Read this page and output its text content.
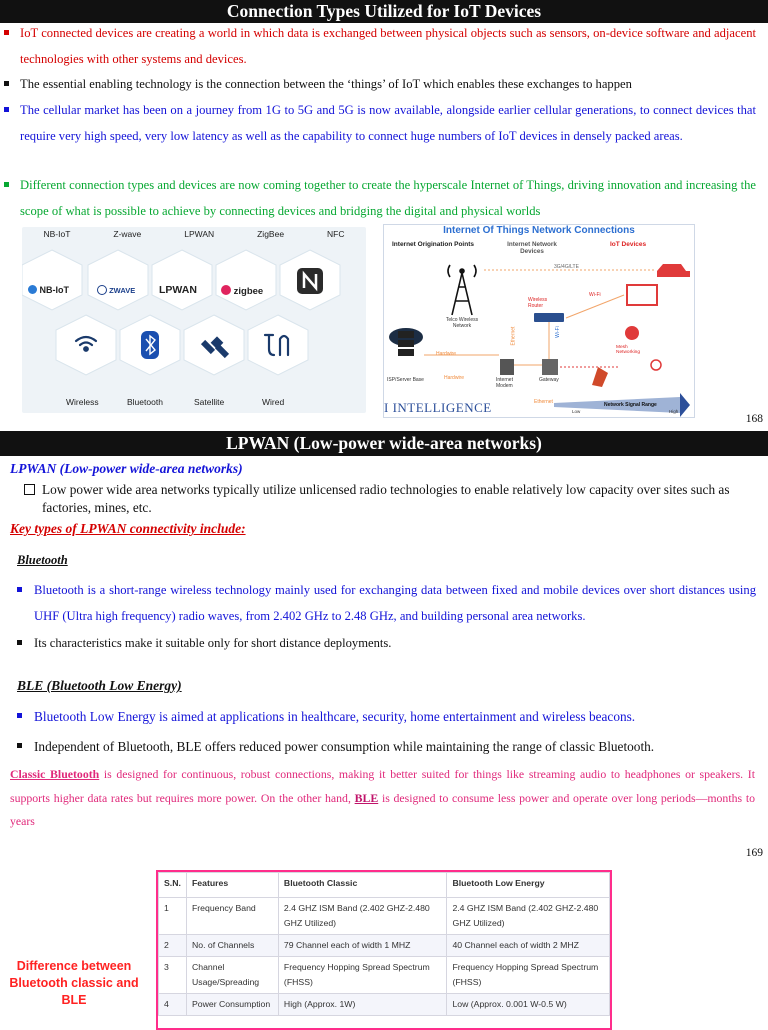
Connection Types Utilized for IoT Devices
IoT connected devices are creating a world in which data is exchanged between physical objects such as sensors, on-device software and adjacent technologies with other systems and devices.
The essential enabling technology is the connection between the ‘things’ of IoT which enables these exchanges to happen
The cellular market has been on a journey from 1G to 5G and 5G is now available, alongside earlier cellular generations, to connect devices that require very high speed, very low latency as well as the capability to connect huge numbers of IoT devices in densely packed areas.
Different connection types and devices are now coming together to create the hyperscale Internet of Things, driving innovation and increasing the scope of what is possible to achieve by connecting devices and bridging the digital and physical worlds
NB-IoT	Z-wave	LPWAN	ZigBee	NFC
NB-IoT	ZWAVE LPWAN	zigbee
Wireless	Bluetooth	Satellite	Wired
Internet Of Things Network Connections
Internet Origination Points	Internet Network Devices
IoT Devices
3G/4G/LTE
Telco Wireless Network
Wireless Router
Wi-Fi
Mesh Networking
Hardwire
Hardwire
Ethernet
ISP/Server Base	Internet Modem
Gateway
Wi-Fi
Ethernet	Network Signal Range
Low	High
I INTELLIGENCE
168
LPWAN (Low-power wide-area networks)
LPWAN (Low-power wide-area networks)
Low power wide area networks typically utilize unlicensed radio technologies to enable relatively low capacity over sites such as factories, mines, etc.
Key types of LPWAN connectivity include:
Bluetooth
Bluetooth is a short-range wireless technology mainly used for exchanging data between fixed and mobile devices over short distances using UHF (Ultra high frequency) radio waves, from 2.402 GHz to 2.48 GHz, and building personal area networks.
Its characteristics make it suitable only for short distance deployments.
BLE (Bluetooth Low Energy)
Bluetooth Low Energy is aimed at applications in healthcare, security, home entertainment and wireless beacons.
Independent of Bluetooth, BLE offers reduced power consumption while maintaining the range of classic Bluetooth.
Classic Bluetooth is designed for continuous, robust connections, making it better suited for things like streaming audio to headphones or speakers. It supports higher data rates but requires more power. On the other hand, BLE is designed to consume less power and operate over long periods—months to years
169
Difference between Bluetooth classic and BLE
S.N.	Features	Bluetooth Classic	Bluetooth Low Energy
1	Frequency Band	2.4 GHZ ISM Band (2.402 GHZ-2.480 GHZ Utilized)	2.4 GHZ ISM Band (2.402 GHZ-2.480 GHZ Utilized)
2	No. of Channels	79 Channel each of width 1 MHZ	40 Channel each of width 2 MHZ
3	Channel Usage/Spreading	Frequency Hopping Spread Spectrum (FHSS)	Frequency Hopping Spread Spectrum (FHSS)
4	Power Consumption	High (Approx. 1W)	Low (Approx. 0.001 W-0.5 W)
